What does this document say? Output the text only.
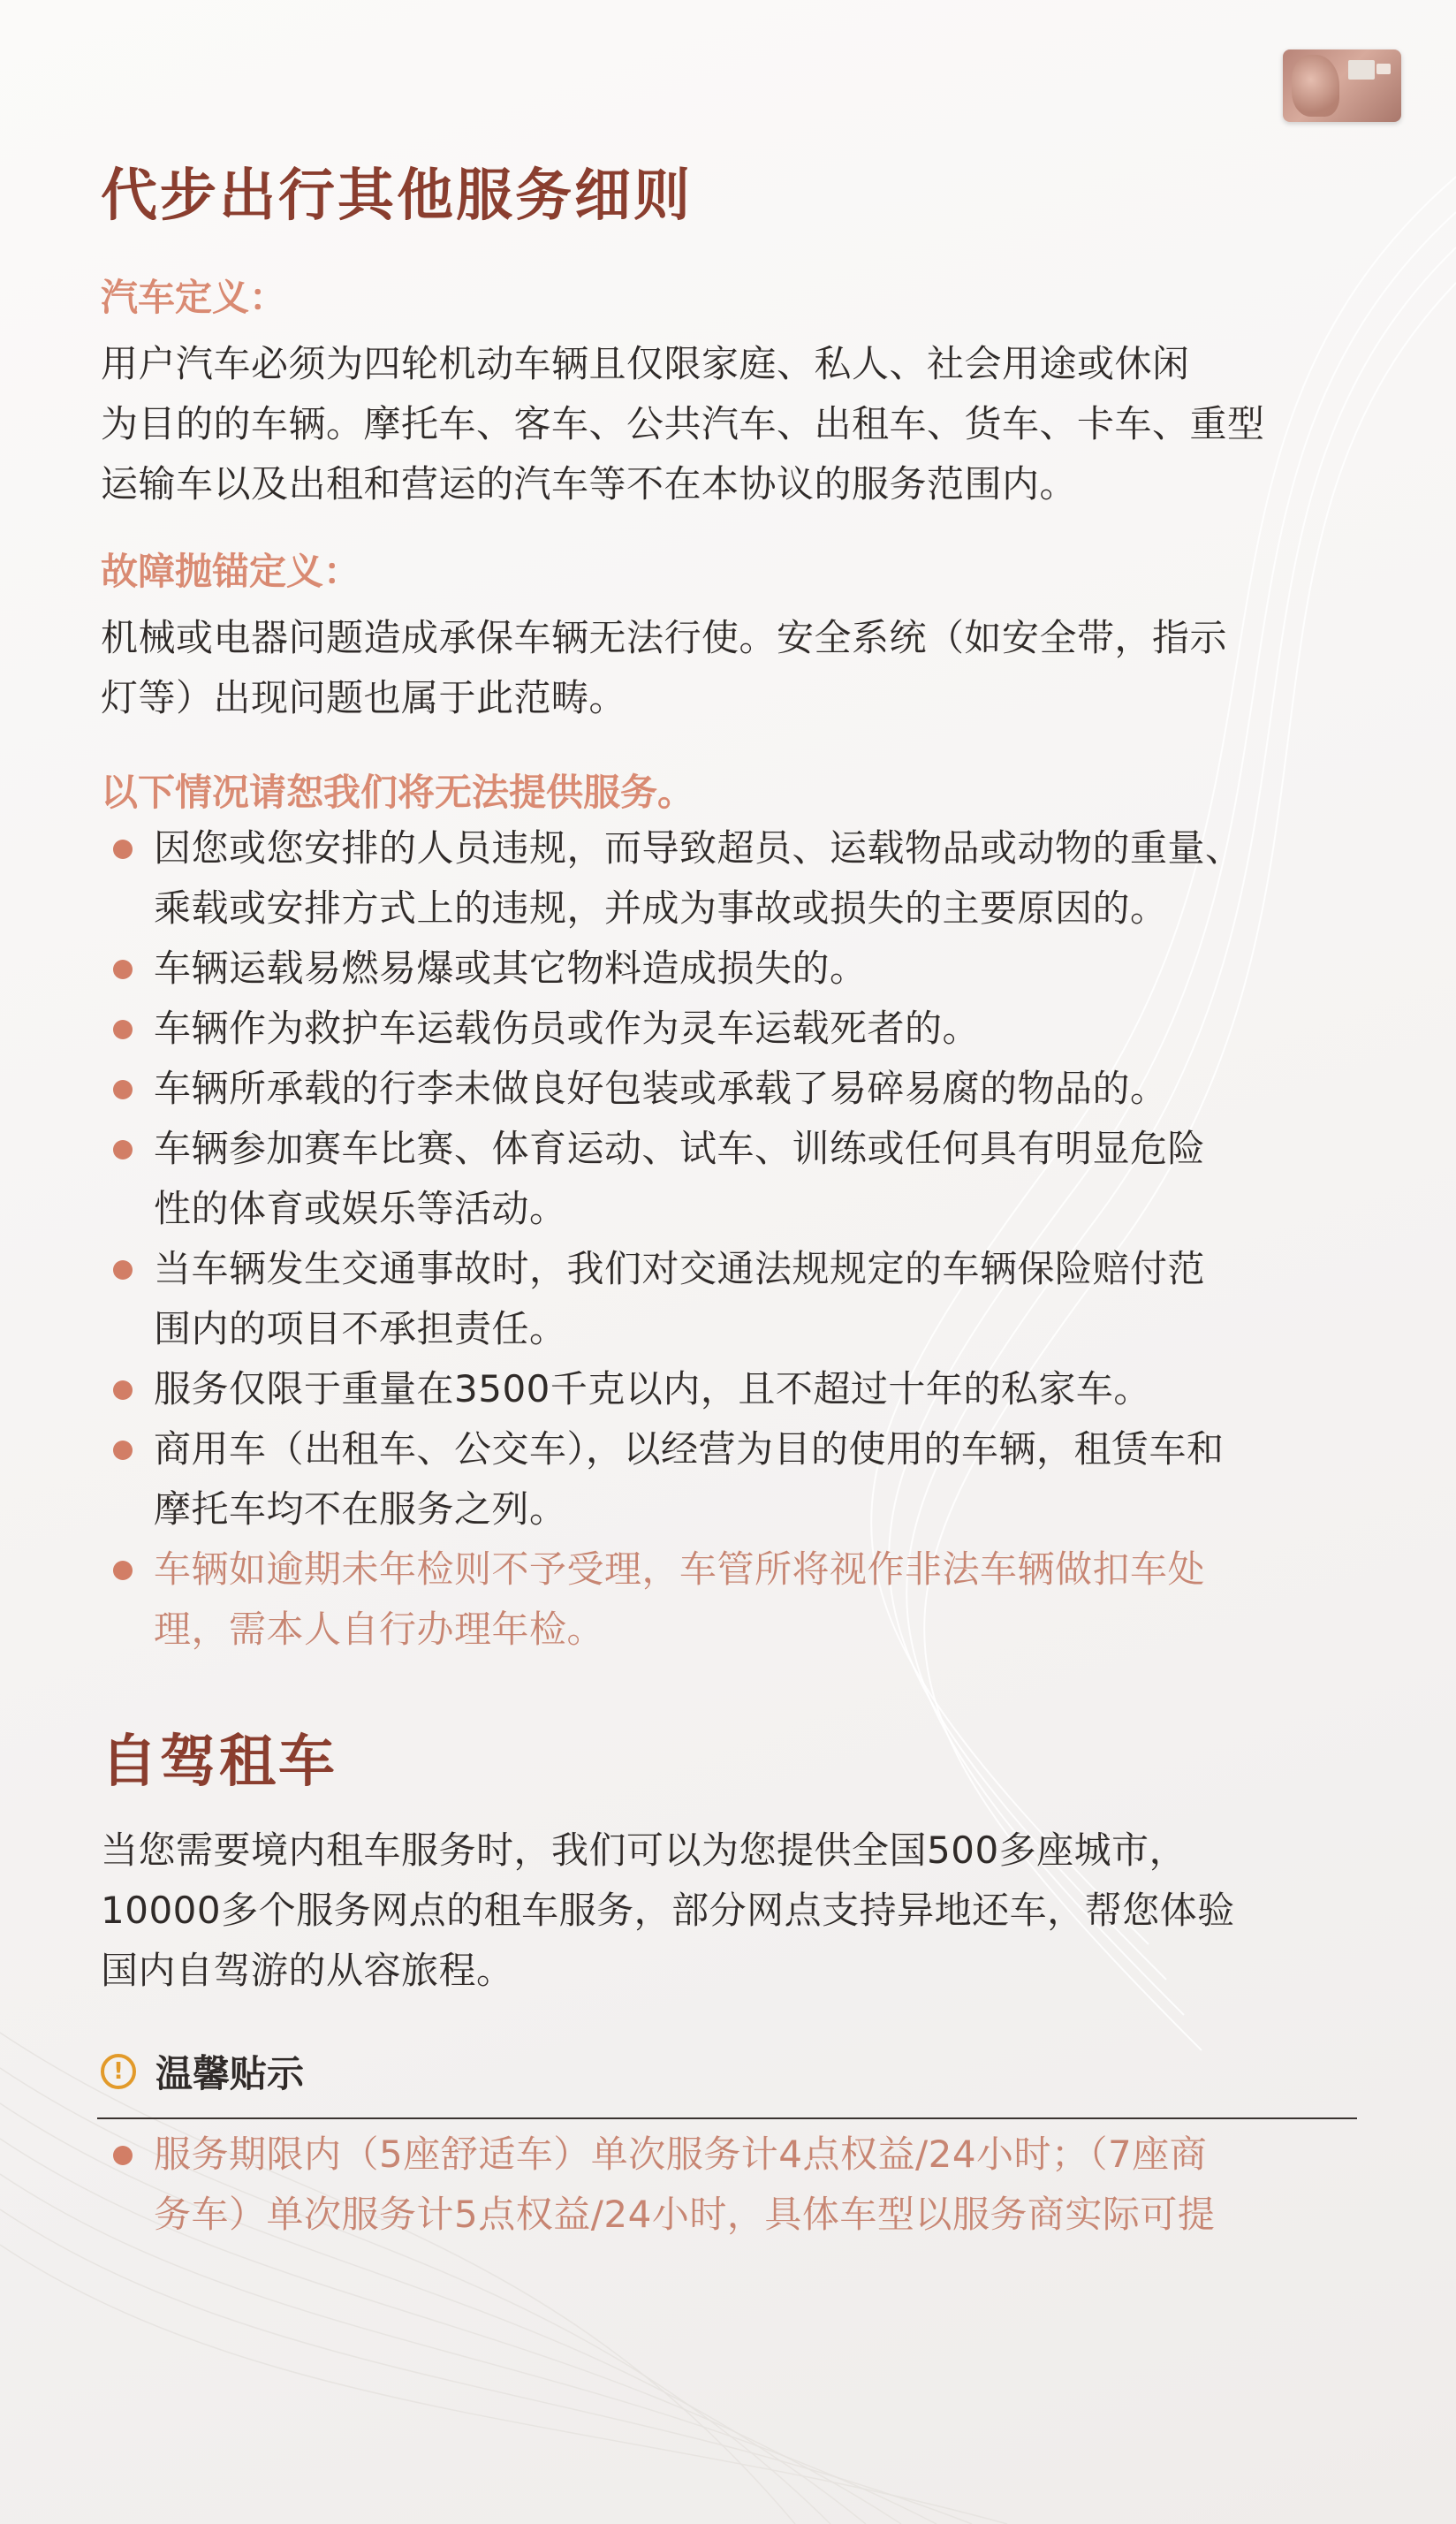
代步出行其他服务细则

汽车定义：

用户汽车必须为四轮机动车辆且仅限家庭、私人、社会用途或休闲

为目的的车辆。摩托车、客车、公共汽车、出租车、货车、卡车、重型

运输车以及出租和营运的汽车等不在本协议的服务范围内。

故障抛锚定义：

机械或电器问题造成承保车辆无法行使。安全系统（如安全带，指示

灯等）出现问题也属于此范畴。

以下情况请恕我们将无法提供服务。

因您或您安排的人员违规，而导致超员、运载物品或动物的重量、
乘载或安排方式上的违规，并成为事故或损失的主要原因的。
车辆运载易燃易爆或其它物料造成损失的。
车辆作为救护车运载伤员或作为灵车运载死者的。
车辆所承载的行李未做良好包装或承载了易碎易腐的物品的。
车辆参加赛车比赛、体育运动、试车、训练或任何具有明显危险
性的体育或娱乐等活动。
当车辆发生交通事故时，我们对交通法规规定的车辆保险赔付范
围内的项目不承担责任。
服务仅限于重量在3500千克以内，且不超过十年的私家车。
商用车（出租车、公交车），以经营为目的使用的车辆，租赁车和
摩托车均不在服务之列。
车辆如逾期未年检则不予受理，车管所将视作非法车辆做扣车处
理，需本人自行办理年检。
自驾租车

当您需要境内租车服务时，我们可以为您提供全国500多座城市，

10000多个服务网点的租车服务，部分网点支持异地还车，帮您体验

国内自驾游的从容旅程。

! 温馨贴示
服务期限内（5座舒适车）单次服务计4点权益/24小时；（7座商
务车）单次服务计5点权益/24小时，具体车型以服务商实际可提
